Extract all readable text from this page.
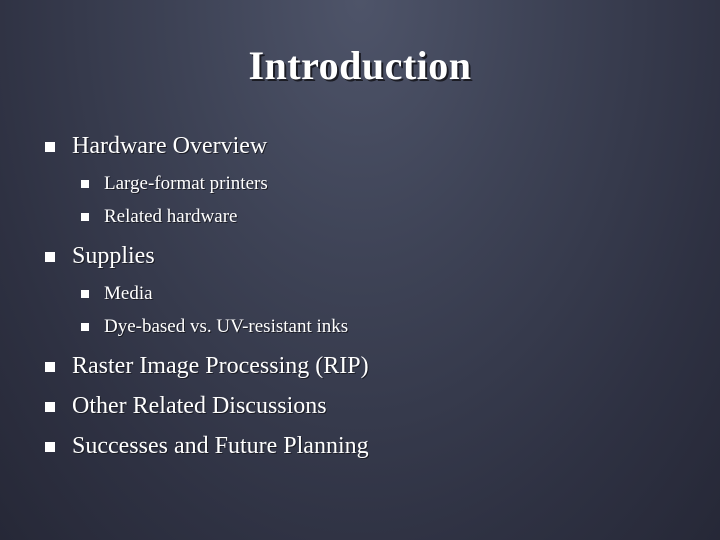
Introduction
Hardware Overview
Large-format printers
Related hardware
Supplies
Media
Dye-based vs. UV-resistant inks
Raster Image Processing (RIP)
Other Related Discussions
Successes and Future Planning
